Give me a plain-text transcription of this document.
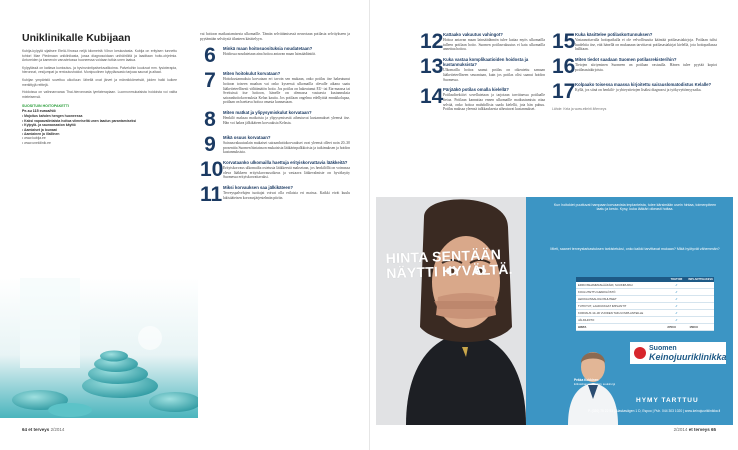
Uniklinikalle Kubijaan

Kubija-kylpylä sijaitsee Etelä-Virossa neljä kilometriä Võrun keskustasta. Kubija on erityisen tunnettu tohtori Mae Piedmaan uniklinikasta, jossa diagnosoidaan unihäiriöitä ja laaditaan hoito-ohjelmia. Antureiden ja kameroin varustetussa huoneessa voidaan tutkia unen laatua.

Kylpylässä on kattava kuntoutus- ja hyvinvointipalveluvalikoima. Palveluihin kuuluvat mm. fysioterapia, hieronnat, vesijumpat ja rentoutushoidot. Monipuolinen kylpyläosasto tarjoaa saunat ja altaat.

Kubijan ympäristö soveltuu ulkoiluun: lähellä ovat järvet ja männikkömetsät, joiden halki kulkee merkittyjä reittejä.

Hoidoissa on valinnanvaraa Thai-hieronnasta lymfaterapiaan. Luonnonmukaisista hoidoista voi valita mieleisensä.

SUOSITUIN HOITOPAKETTI
Pe-su 115 euroa/hlö
• Majoitus kahden hengen huoneessa
• Kaksi vapaavalintaista hoitoa viimeiseltä unen laadun parantamiseksi
• Kylpylä- ja saunaosaston käyttö
• Aamiaiset ja lounaat
• Aamiainen ja illallinen
• www.kubija.ee
• www.unekliinik.ee
vai hoitoon matkustamisesta ulkomaille. Tämän selvittämisessä neuvotaan potilasta selvitykseen ja pyytämään selvitystä tilanteen käsittelyyn.
6	Minkä maan hoitosuosituksia noudatetaan?
Hoidossa noudatetaan aina hoitoa antavan maan lainsäädäntöä.
7	Miten hoitokulut korvataan?
Hoitokustannuksia korvataan eri tavoin sen mukaan, onko potilas itse hakeutunut hoitoon toiseen maahan vai onko kyseessä ulkomailla olevalle aikana saatu lääketieteellisesti välttämätön hoito. Jos potilas on hakeutunut EU- tai Eta-maassa tai Sveitsissä itse hoitoon, hänelle on olemassa vastaavia kustannuksia sairaanhoitokorvauksia Kelan kautta. Jos potilaan ongelma edellyttää ennakkolupaa, potilaan on haettava hoitoa omasta kunnastaan.
8	Miten matkat ja ylipysymiskulut korvataan?
Henkilö maksaa matkoista ja ylipysymisestä aiheutuvat kustannukset yleensä itse. Hän voi hakea jälkikäteen korvauksia Kelasta.
9	Mikä osuus korvataan?
Sairausvakuutuslain mukaiset sairaanhoitokorvaukset ovat yleensä olleet noin 20–30 prosenttia Suomen hintatason mukaisista lääkärinpalkkioista ja tutkimuksen ja hoidon kustannuksista.
10 Korvataanko ulkomailla haettuja erityiskorvattavia lääkkeitä?
Erityiskorvaus ulkomailta ostetusta lääkkeestä maksetaan, jos henkilöllä on voimassa oleva lääkkeen erityiskorvausoikeus ja vastaava lääkevalmiste on hyväksytty Suomessa erityiskorvattavaksi.
11 Miksi korvauksen saa jälkikäteen?
Terveyspalvelujen tuottajat voivat olla erilaisia eri maissa. Kaikki eivät kuulu lakisääteisen korvausjärjestelmän piiriin.
64 et terveys 2/2014
12 Kattaako vakuutus vahingot?
Hoitoa antavan maan lainsäädännön tulee kattaa myös ulkomailla tulleen potilaan hoito. Suomen potilasvakuutus ei kata ulkomailla annettua hoitoa.
13 Kuka vastaa komplikaatioiden hoidosta ja kustannuksista?
Ulkomailla hoitoa saanut potilas on oikeutettu samaan lääketieteelliseen seurantaan, kuin jos potilas olisi saanut hoidon Suomessa.
14 Pärjääkö potilas omalla kielellä?
Potilasdirektiivi sovellutetaan ja tarjotaan tarvittaessa potilaalle tietoa. Potilaan kannattaa ennen ulkomaille matkustamista ottaa selvää, onko hoitoa mahdollista saada kielellä, jota hän puhuu. Potilas maksaa yleensä tulkkauksesta aiheutuvat kustannukset.
15 Kuka käsittelee potilaskortunnuksen?
Vastaanottavalla hoitopaikalla ei ole velvollisuutta kääntää potilasasiakirjoja. Potilaan tulisi huolehtia itse, että hänellä on mukanaan tarvittavat potilasasiakirjat kielellä, jota hoitopaikassa hallitaan.
16 Miten tiedot saadaan Suomen potilasrekisterihin?
Tietojen siirtyminen Suomeen on potilaan vastuulla. Hänen tulee pyytää kopiot potilasasiakirjoista.
17 Kolpaako toisessa maassa kirjoitettu sairauslomatodistus Kelalle?
Kyllä, jos siinä on henkilö- ja yhteystietojen lisäksi diagnoosi ja työkyvyttömyysaika.
Lähde: Kela ja www.etlehti.fi/terveys
HINTA SENTÄÄN
NÄYTTI HYVÄLTÄ.
Kun hoitokiet puuttuvat hampaan korvaavista implanteista, tulee kärsimään usein hintaa, toimenpiteen laatu ja kesto. Kysy, kuka lääkäri oikeasti hoitaa.
Mieti, saanet terveystarkastuksen tarkistetuksi, onko kaikki tarvittavat mukaan? Mikä hyötyvät vähemmän?
	TOHTORI	IMPLANTTIHAKEVA
ERIKOISHAMMASLÄÄKÄRI, SUUKIRURGI	✓	
KOULUTETTU HENKILÖSTÖ	✓	
LEIKKAUSSALIOLOSUHTEET	✓	
TUTKITUT, LAADUKKAAT IMPLANTIT	✓	
KORVAUS 10–30 VUODEN TAKUU IMPLANTEILLE	✓	
JÄLKIHOITO	✓	
HINTA	2700 €	1500 €
Pekka Kokkinen
Erikoishammaslääkäri, suukirurgi
Suomen
Keinojuuriklinikka
HYMY TARTTUU
P. (020) 75 22 53 | Alaskavägen 1 D, Espoo | Puh. 044 303 1020 | www.keinojuuriklinikka.fi
2/2014 et terveys 65
